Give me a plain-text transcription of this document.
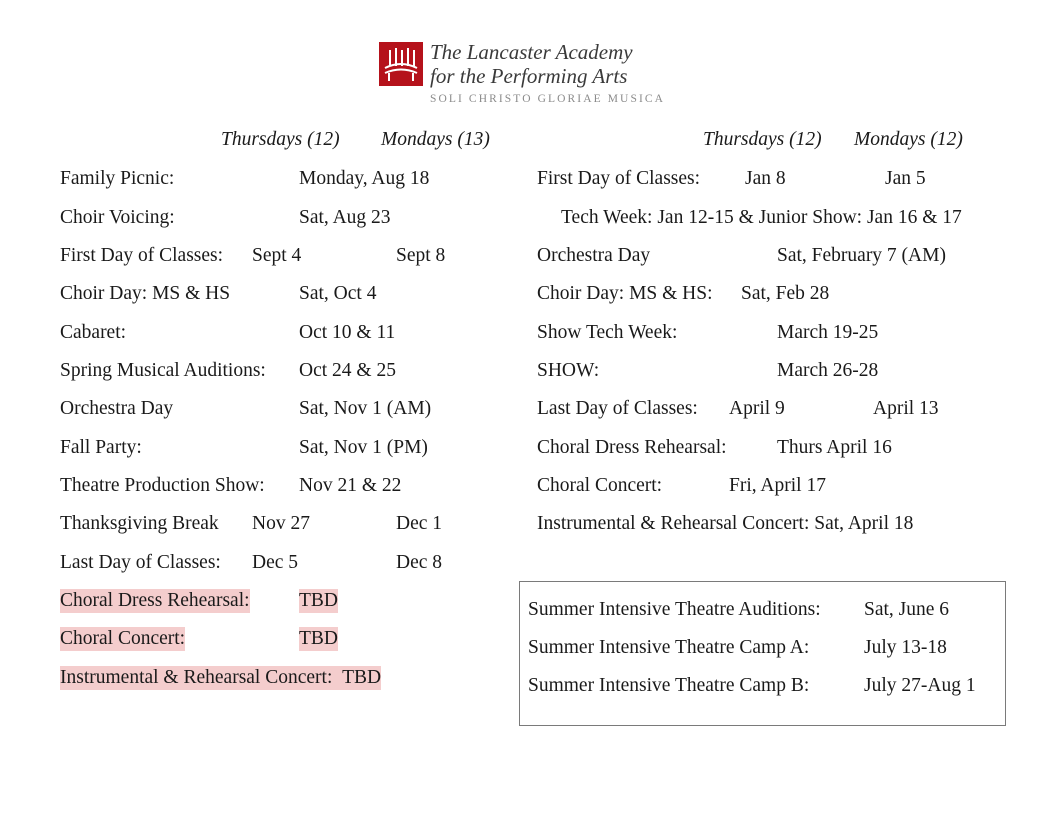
The Lancaster Academy
for the Performing Arts
SOLI CHRISTO GLORIAE MUSICA
Thursdays (12) Mondays (13)
Family Picnic:	Monday, Aug 18
Choir Voicing:	Sat, Aug 23
First Day of Classes: Sept 4	Sept 8
Choir Day: MS & HS	Sat, Oct 4
Cabaret:	Oct 10 & 11
Spring Musical Auditions: Oct 24 & 25
Orchestra Day	Sat, Nov 1 (AM)
Fall Party:	Sat, Nov 1 (PM)
Theatre Production Show: Nov 21 & 22
Thanksgiving Break Nov 27	Dec 1
Last Day of Classes: Dec 5	Dec 8
Choral Dress Rehearsal:	TBD
Choral Concert:	TBD
Instrumental & Rehearsal Concert: TBD
Thursdays (12) Mondays (12)
First Day of Classes: Jan 8	Jan 5
Tech Week: Jan 12-15 & Junior Show: Jan 16 & 17
Orchestra Day	Sat, February 7 (AM)
Choir Day: MS & HS: Sat, Feb 28
Show Tech Week:	March 19-25
SHOW:	March 26-28
Last Day of Classes: April 9	April 13
Choral Dress Rehearsal:	Thurs April 16
Choral Concert:	Fri, April 17
Instrumental & Rehearsal Concert: Sat, April 18
Summer Intensive Theatre Auditions: Sat, June 6
Summer Intensive Theatre Camp A:	July 13-18
Summer Intensive Theatre Camp B:	July 27-Aug 1
